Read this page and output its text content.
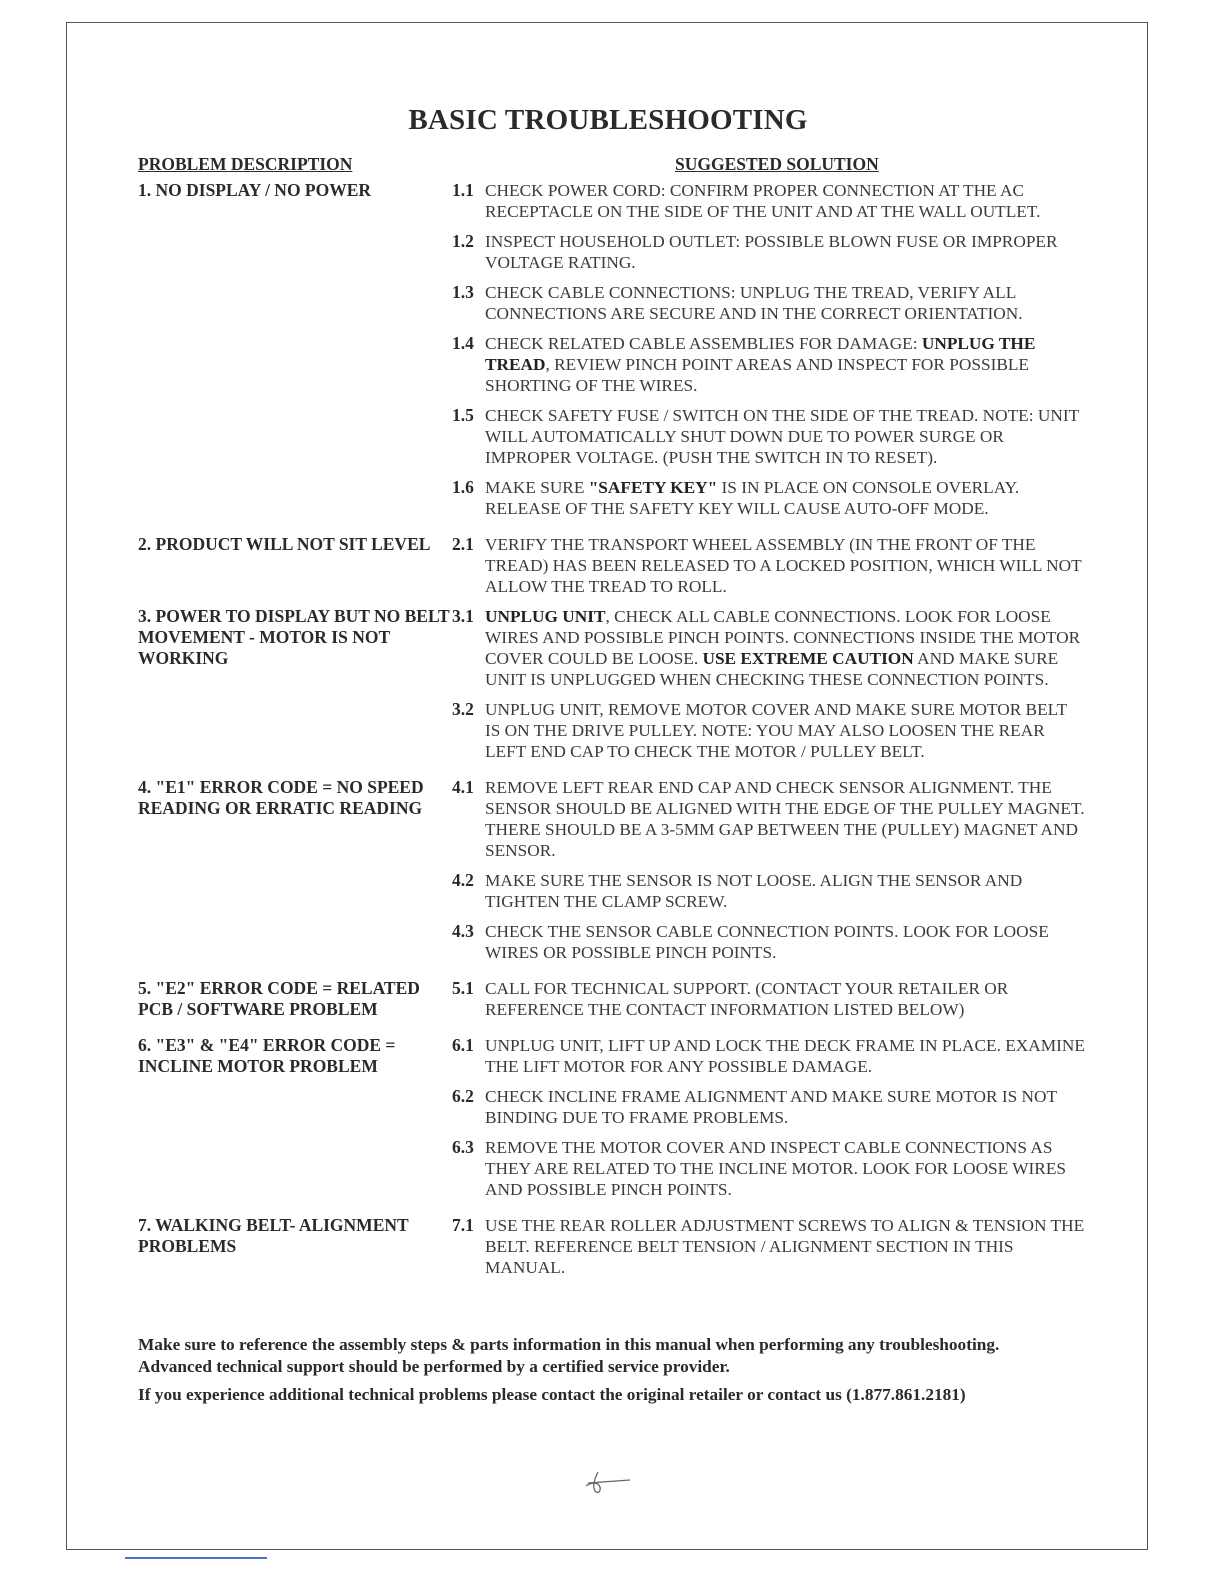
BASIC TROUBLESHOOTING
PROBLEM DESCRIPTION	SUGGESTED SOLUTION
1. NO DISPLAY / NO POWER	1.1 CHECK POWER CORD: CONFIRM PROPER CONNECTION AT THE AC RECEPTACLE ON THE SIDE OF THE UNIT AND AT THE WALL OUTLET.
1.2 INSPECT HOUSEHOLD OUTLET: POSSIBLE BLOWN FUSE OR IMPROPER VOLTAGE RATING.
1.3 CHECK CABLE CONNECTIONS: UNPLUG THE TREAD, VERIFY ALL CONNECTIONS ARE SECURE AND IN THE CORRECT ORIENTATION.
1.4 CHECK RELATED CABLE ASSEMBLIES FOR DAMAGE: UNPLUG THE TREAD, REVIEW PINCH POINT AREAS AND INSPECT FOR POSSIBLE SHORTING OF THE WIRES.
1.5 CHECK SAFETY FUSE / SWITCH ON THE SIDE OF THE TREAD. NOTE: UNIT WILL AUTOMATICALLY SHUT DOWN DUE TO POWER SURGE OR IMPROPER VOLTAGE. (PUSH THE SWITCH IN TO RESET).
1.6 MAKE SURE "SAFETY KEY" IS IN PLACE ON CONSOLE OVERLAY. RELEASE OF THE SAFETY KEY WILL CAUSE AUTO-OFF MODE.
2. PRODUCT WILL NOT SIT LEVEL	2.1 VERIFY THE TRANSPORT WHEEL ASSEMBLY (IN THE FRONT OF THE TREAD) HAS BEEN RELEASED TO A LOCKED POSITION, WHICH WILL NOT ALLOW THE TREAD TO ROLL.
3. POWER TO DISPLAY BUT NO BELT MOVEMENT - MOTOR IS NOT WORKING
3.1 UNPLUG UNIT, CHECK ALL CABLE CONNECTIONS. LOOK FOR LOOSE WIRES AND POSSIBLE PINCH POINTS. CONNECTIONS INSIDE THE MOTOR COVER COULD BE LOOSE. USE EXTREME CAUTION AND MAKE SURE UNIT IS UNPLUGGED WHEN CHECKING THESE CONNECTION POINTS.
3.2 UNPLUG UNIT, REMOVE MOTOR COVER AND MAKE SURE MOTOR BELT IS ON THE DRIVE PULLEY. NOTE: YOU MAY ALSO LOOSEN THE REAR LEFT END CAP TO CHECK THE MOTOR / PULLEY BELT.
4. "E1" ERROR CODE = NO SPEED READING OR ERRATIC READING
4.1 REMOVE LEFT REAR END CAP AND CHECK SENSOR ALIGNMENT. THE SENSOR SHOULD BE ALIGNED WITH THE EDGE OF THE PULLEY MAGNET. THERE SHOULD BE A 3-5MM GAP BETWEEN THE (PULLEY) MAGNET AND SENSOR.
4.2 MAKE SURE THE SENSOR IS NOT LOOSE. ALIGN THE SENSOR AND TIGHTEN THE CLAMP SCREW.
4.3 CHECK THE SENSOR CABLE CONNECTION POINTS. LOOK FOR LOOSE WIRES OR POSSIBLE PINCH POINTS.
5. "E2" ERROR CODE = RELATED PCB / SOFTWARE PROBLEM
5.1 CALL FOR TECHNICAL SUPPORT. (CONTACT YOUR RETAILER OR REFERENCE THE CONTACT INFORMATION LISTED BELOW)
6. "E3" & "E4" ERROR CODE = INCLINE MOTOR PROBLEM
6.1 UNPLUG UNIT, LIFT UP AND LOCK THE DECK FRAME IN PLACE. EXAMINE THE LIFT MOTOR FOR ANY POSSIBLE DAMAGE.
6.2 CHECK INCLINE FRAME ALIGNMENT AND MAKE SURE MOTOR IS NOT BINDING DUE TO FRAME PROBLEMS.
6.3 REMOVE THE MOTOR COVER AND INSPECT CABLE CONNECTIONS AS THEY ARE RELATED TO THE INCLINE MOTOR. LOOK FOR LOOSE WIRES AND POSSIBLE PINCH POINTS.
7. WALKING BELT- ALIGNMENT PROBLEMS
7.1 USE THE REAR ROLLER ADJUSTMENT SCREWS TO ALIGN & TENSION THE BELT. REFERENCE BELT TENSION / ALIGNMENT SECTION IN THIS MANUAL.

Make sure to reference the assembly steps & parts information in this manual when performing any troubleshooting.

Advanced technical support should be performed by a certified service provider.

If you experience additional technical problems please contact the original retailer or contact us (1.877.861.2181)
